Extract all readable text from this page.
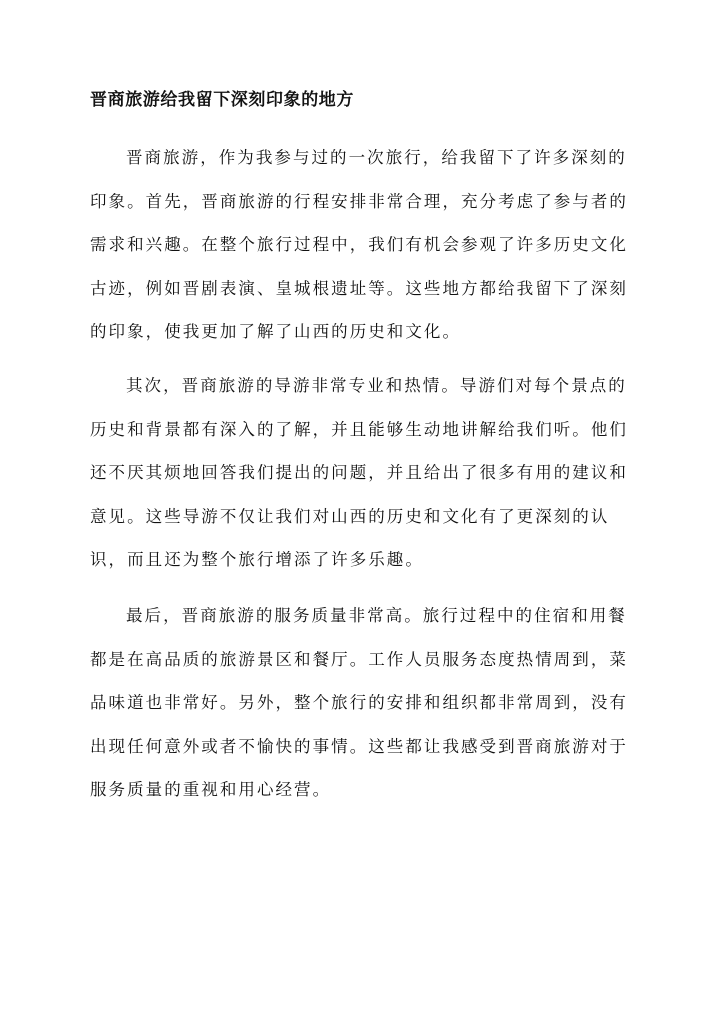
晋商旅游给我留下深刻印象的地方

晋商旅游，作为我参与过的一次旅行，给我留下了许多深刻的印象。首先，晋商旅游的行程安排非常合理，充分考虑了参与者的需求和兴趣。在整个旅行过程中，我们有机会参观了许多历史文化古迹，例如晋剧表演、皇城根遗址等。这些地方都给我留下了深刻的印象，使我更加了解了山西的历史和文化。

其次，晋商旅游的导游非常专业和热情。导游们对每个景点的历史和背景都有深入的了解，并且能够生动地讲解给我们听。他们还不厌其烦地回答我们提出的问题，并且给出了很多有用的建议和意见。这些导游不仅让我们对山西的历史和文化有了更深刻的认识，而且还为整个旅行增添了许多乐趣。

最后，晋商旅游的服务质量非常高。旅行过程中的住宿和用餐都是在高品质的旅游景区和餐厅。工作人员服务态度热情周到，菜品味道也非常好。另外，整个旅行的安排和组织都非常周到，没有出现任何意外或者不愉快的事情。这些都让我感受到晋商旅游对于服务质量的重视和用心经营。
